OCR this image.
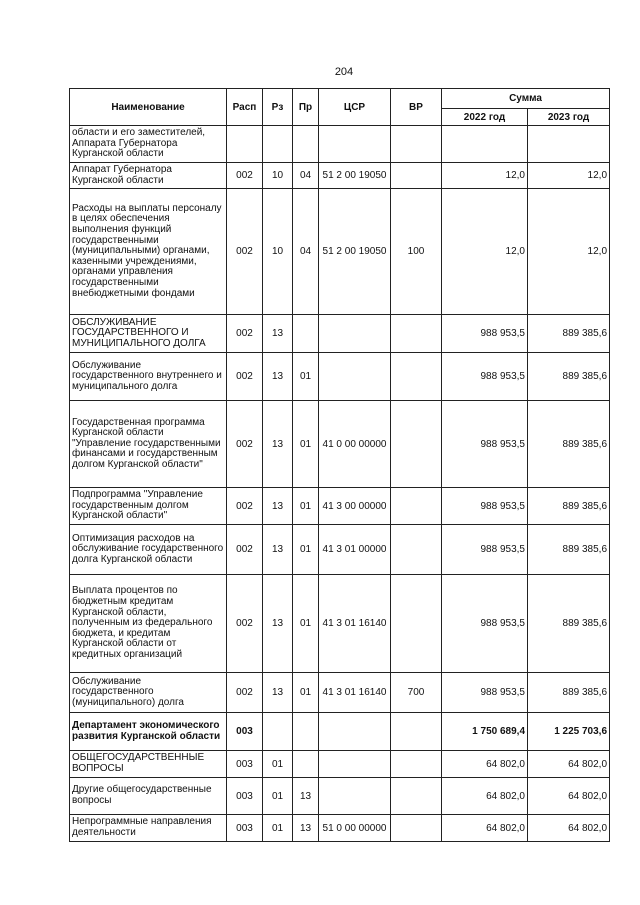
204
Наименование	Расп	Рз	Пр	ЦСР	ВР	Сумма	
						2022 год	2023 год
области и его заместителей, Аппарата Губернатора Курганской области							
Аппарат Губернатора Курганской области	002	10	04	51 2 00 19050		12,0	12,0
Расходы на выплаты персоналу в целях обеспечения выполнения функций государственными (муниципальными) органами, казенными учреждениями, органами управления государственными внебюджетными фондами	002	10	04	51 2 00 19050	100	12,0	12,0
ОБСЛУЖИВАНИЕ ГОСУДАРСТВЕННОГО И МУНИЦИПАЛЬНОГО ДОЛГА	002	13				988 953,5	889 385,6
Обслуживание государственного внутреннего и муниципального долга	002	13	01			988 953,5	889 385,6
Государственная программа Курганской области "Управление государственными финансами и государственным долгом Курганской области"	002	13	01	41 0 00 00000		988 953,5	889 385,6
Подпрограмма "Управление государственным долгом Курганской области"	002	13	01	41 3 00 00000		988 953,5	889 385,6
Оптимизация расходов на обслуживание государственного долга Курганской области	002	13	01	41 3 01 00000		988 953,5	889 385,6
Выплата процентов по бюджетным кредитам Курганской области, полученным из федерального бюджета, и кредитам Курганской области от кредитных организаций	002	13	01	41 3 01 16140		988 953,5	889 385,6
Обслуживание государственного (муниципального) долга	002	13	01	41 3 01 16140	700	988 953,5	889 385,6
Департамент экономического развития Курганской области	003					1 750 689,4	1 225 703,6
ОБЩЕГОСУДАРСТВЕННЫЕ ВОПРОСЫ	003	01				64 802,0	64 802,0
Другие общегосударственные вопросы	003	01	13			64 802,0	64 802,0
Непрограммные направления деятельности	003	01	13	51 0 00 00000		64 802,0	64 802,0
